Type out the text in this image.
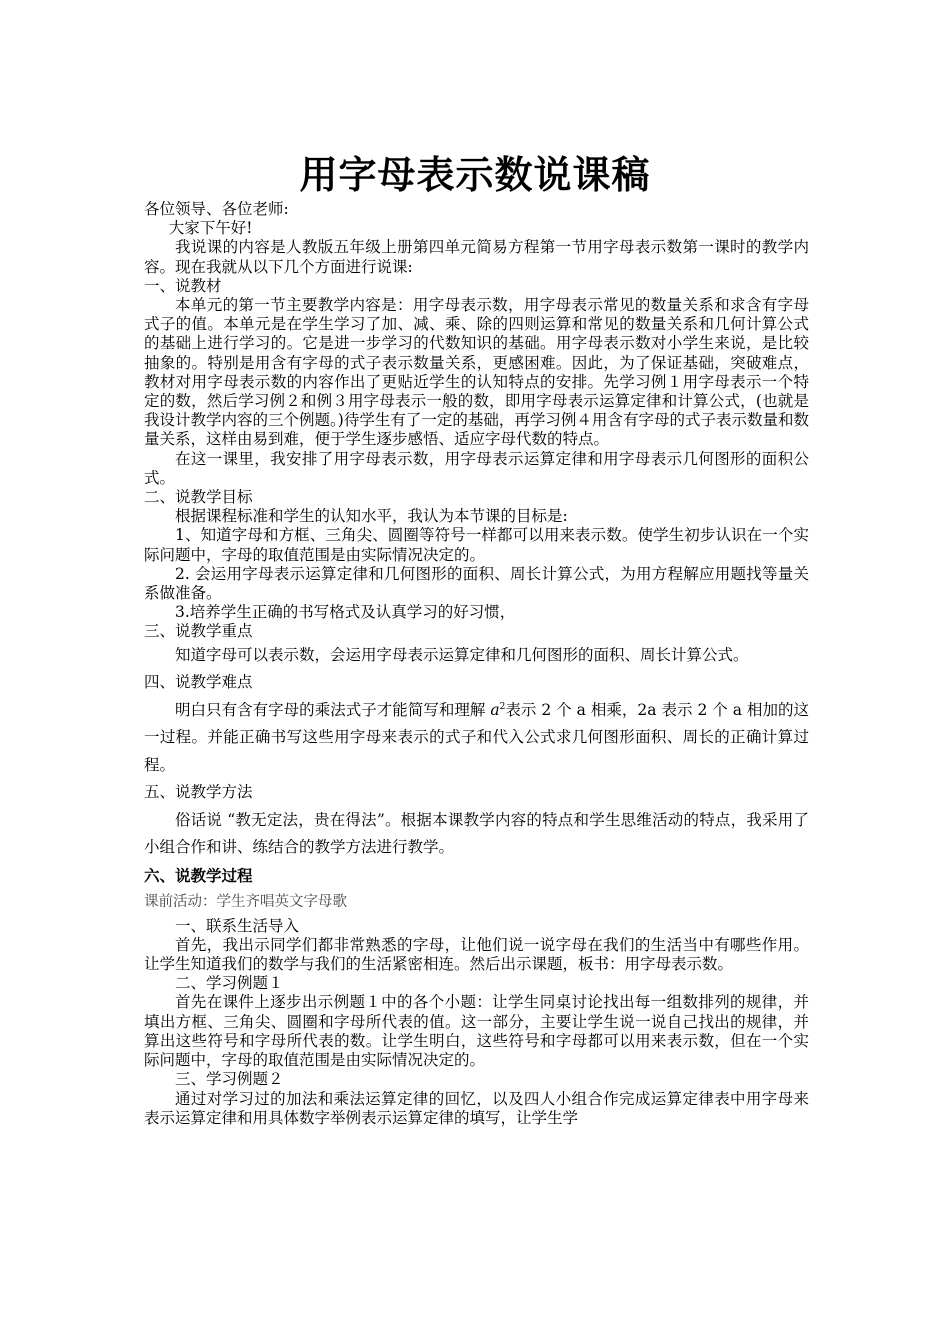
用字母表示数说课稿

各位领导、各位老师:

大家下午好!

我说课的内容是人教版五年级上册第四单元简易方程第一节用字母表示数第一课时的教学内容。现在我就从以下几个方面进行说课:

一、说教材

本单元的第一节主要教学内容是：用字母表示数，用字母表示常见的数量关系和求含有字母式子的值。本单元是在学生学习了加、减、乘、除的四则运算和常见的数量关系和几何计算公式的基础上进行学习的。它是进一步学习的代数知识的基础。用字母表示数对小学生来说，是比较抽象的。特别是用含有字母的式子表示数量关系，更感困难。因此，为了保证基础，突破难点，教材对用字母表示数的内容作出了更贴近学生的认知特点的安排。先学习例１用字母表示一个特定的数，然后学习例２和例３用字母表示一般的数，即用字母表示运算定律和计算公式，(也就是我设计教学内容的三个例题。)待学生有了一定的基础，再学习例４用含有字母的式子表示数量和数量关系，这样由易到难，便于学生逐步感悟、适应字母代数的特点。

在这一课里，我安排了用字母表示数，用字母表示运算定律和用字母表示几何图形的面积公式。

二、说教学目标

根据课程标准和学生的认知水平，我认为本节课的目标是:

1、知道字母和方框、三角尖、圆圈等符号一样都可以用来表示数。使学生初步认识在一个实际问题中，字母的取值范围是由实际情况决定的。

2. 会运用字母表示运算定律和几何图形的面积、周长计算公式，为用方程解应用题找等量关系做准备。

3.培养学生正确的书写格式及认真学习的好习惯，

三、说教学重点

知道字母可以表示数，会运用字母表示运算定律和几何图形的面积、周长计算公式。

四、说教学难点

明白只有含有字母的乘法式子才能简写和理解 $a^2$表示 2 个 a 相乘，2a 表示 2 个 a 相加的这一过程。并能正确书写这些用字母来表示的式子和代入公式求几何图形面积、周长的正确计算过程。

五、说教学方法

俗话说 “教无定法，贵在得法”。根据本课教学内容的特点和学生思维活动的特点，我采用了小组合作和讲、练结合的教学方法进行教学。

六、说教学过程

课前活动：学生齐唱英文字母歌

一、联系生活导入

首先，我出示同学们都非常熟悉的字母，让他们说一说字母在我们的生活当中有哪些作用。让学生知道我们的数学与我们的生活紧密相连。然后出示课题，板书：用字母表示数。

二、学习例题１

首先在课件上逐步出示例题１中的各个小题：让学生同桌讨论找出每一组数排列的规律，并填出方框、三角尖、圆圈和字母所代表的值。这一部分，主要让学生说一说自己找出的规律，并算出这些符号和字母所代表的数。让学生明白，这些符号和字母都可以用来表示数，但在一个实际问题中，字母的取值范围是由实际情况决定的。

三、学习例题２

通过对学习过的加法和乘法运算定律的回忆，以及四人小组合作完成运算定律表中用字母来表示运算定律和用具体数字举例表示运算定律的填写，让学生学
